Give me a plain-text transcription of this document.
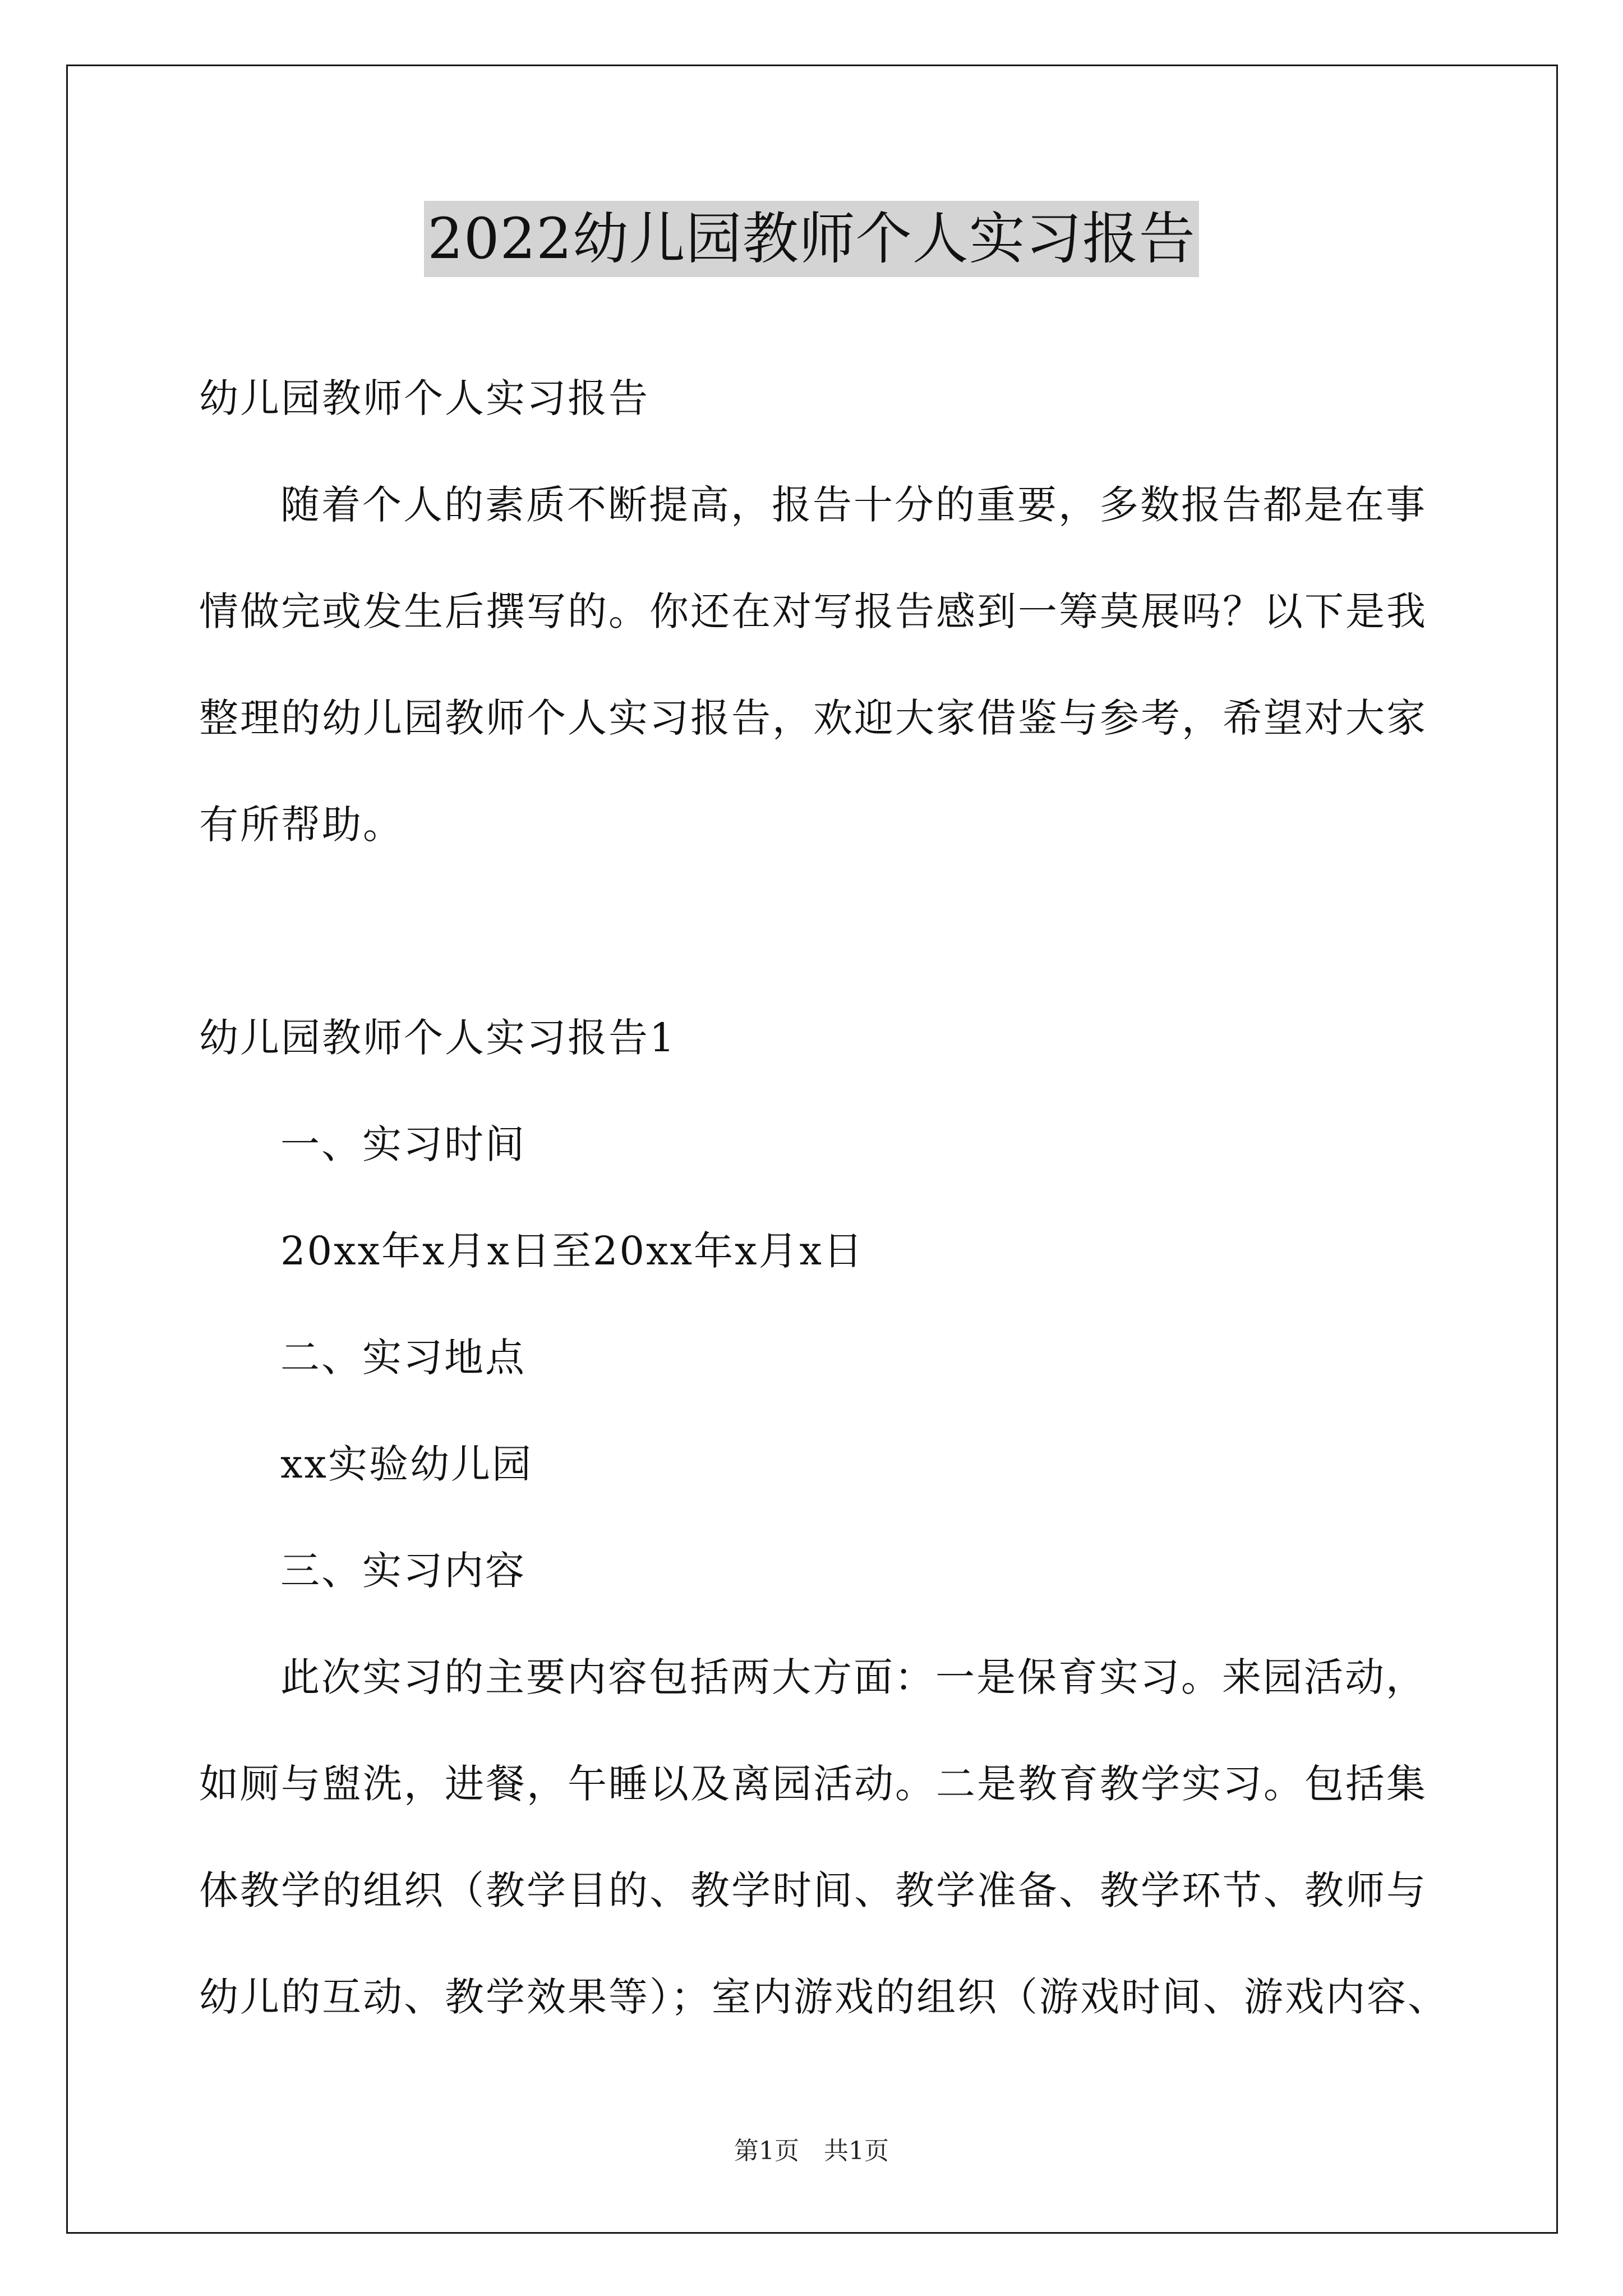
2022幼儿园教师个人实习报告
幼儿园教师个人实习报告
随着个人的素质不断提高，报告十分的重要，多数报告都是在事
情做完或发生后撰写的。你还在对写报告感到一筹莫展吗？以下是我
整理的幼儿园教师个人实习报告，欢迎大家借鉴与参考，希望对大家
有所帮助。
幼儿园教师个人实习报告1
一、实习时间
20xx年x月x日至20xx年x月x日
二、实习地点
xx实验幼儿园
三、实习内容
此次实习的主要内容包括两大方面：一是保育实习。来园活动，
如厕与盥洗，进餐，午睡以及离园活动。二是教育教学实习。包括集
体教学的组织（教学目的、教学时间、教学准备、教学环节、教师与
幼儿的互动、教学效果等）；室内游戏的组织（游戏时间、游戏内容、
第1页 共1页
